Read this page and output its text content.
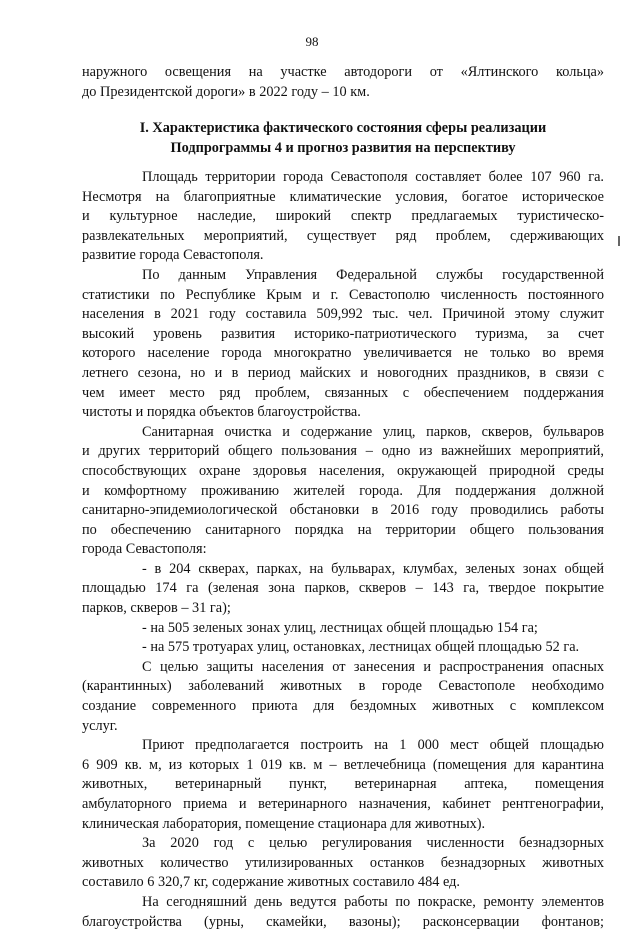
98
наружного освещения на участке автодороги от «Ялтинского кольца»
до Президентской дороги» в 2022 году – 10 км.
I. Характеристика фактического состояния сферы реализации
Подпрограммы 4 и прогноз развития на перспективу
Площадь территории города Севастополя составляет более 107 960 га.
Несмотря на благоприятные климатические условия, богатое историческое
и культурное наследие, широкий спектр предлагаемых туристическо-
развлекательных мероприятий, существует ряд проблем, сдерживающих
развитие города Севастополя.
По данным Управления Федеральной службы государственной
статистики по Республике Крым и г. Севастополю численность постоянного
населения в 2021 году составила 509,992 тыс. чел. Причиной этому служит
высокий уровень развития историко-патриотического туризма, за счет
которого население города многократно увеличивается не только во время
летнего сезона, но и в период майских и новогодних праздников, в связи с
чем имеет место ряд проблем, связанных с обеспечением поддержания
чистоты и порядка объектов благоустройства.
Санитарная очистка и содержание улиц, парков, скверов, бульваров
и других территорий общего пользования – одно из важнейших мероприятий,
способствующих охране здоровья населения, окружающей природной среды
и комфортному проживанию жителей города. Для поддержания должной
санитарно-эпидемиологической обстановки в 2016 году проводились работы
по обеспечению санитарного порядка на территории общего пользования
города Севастополя:
- в 204 скверах, парках, на бульварах, клумбах, зеленых зонах общей
площадью 174 га (зеленая зона парков, скверов – 143 га, твердое покрытие
парков, скверов – 31 га);
- на 505 зеленых зонах улиц, лестницах общей площадью 154 га;
- на 575 тротуарах улиц, остановках, лестницах общей площадью 52 га.
С целью защиты населения от занесения и распространения опасных
(карантинных) заболеваний животных в городе Севастополе необходимо
создание современного приюта для бездомных животных с комплексом
услуг.
Приют предполагается построить на 1 000 мест общей площадью
6 909 кв. м, из которых 1 019 кв. м – ветлечебница (помещения для карантина
животных, ветеринарный пункт, ветеринарная аптека, помещения
амбулаторного приема и ветеринарного назначения, кабинет рентгенографии,
клиническая лаборатория, помещение стационара для животных).
За 2020 год с целью регулирования численности безнадзорных
животных количество утилизированных останков безнадзорных животных
составило 6 320,7 кг, содержание животных составило 484 ед.
На сегодняшний день ведутся работы по покраске, ремонту элементов
благоустройства (урны, скамейки, вазоны); расконсервации фонтанов;
